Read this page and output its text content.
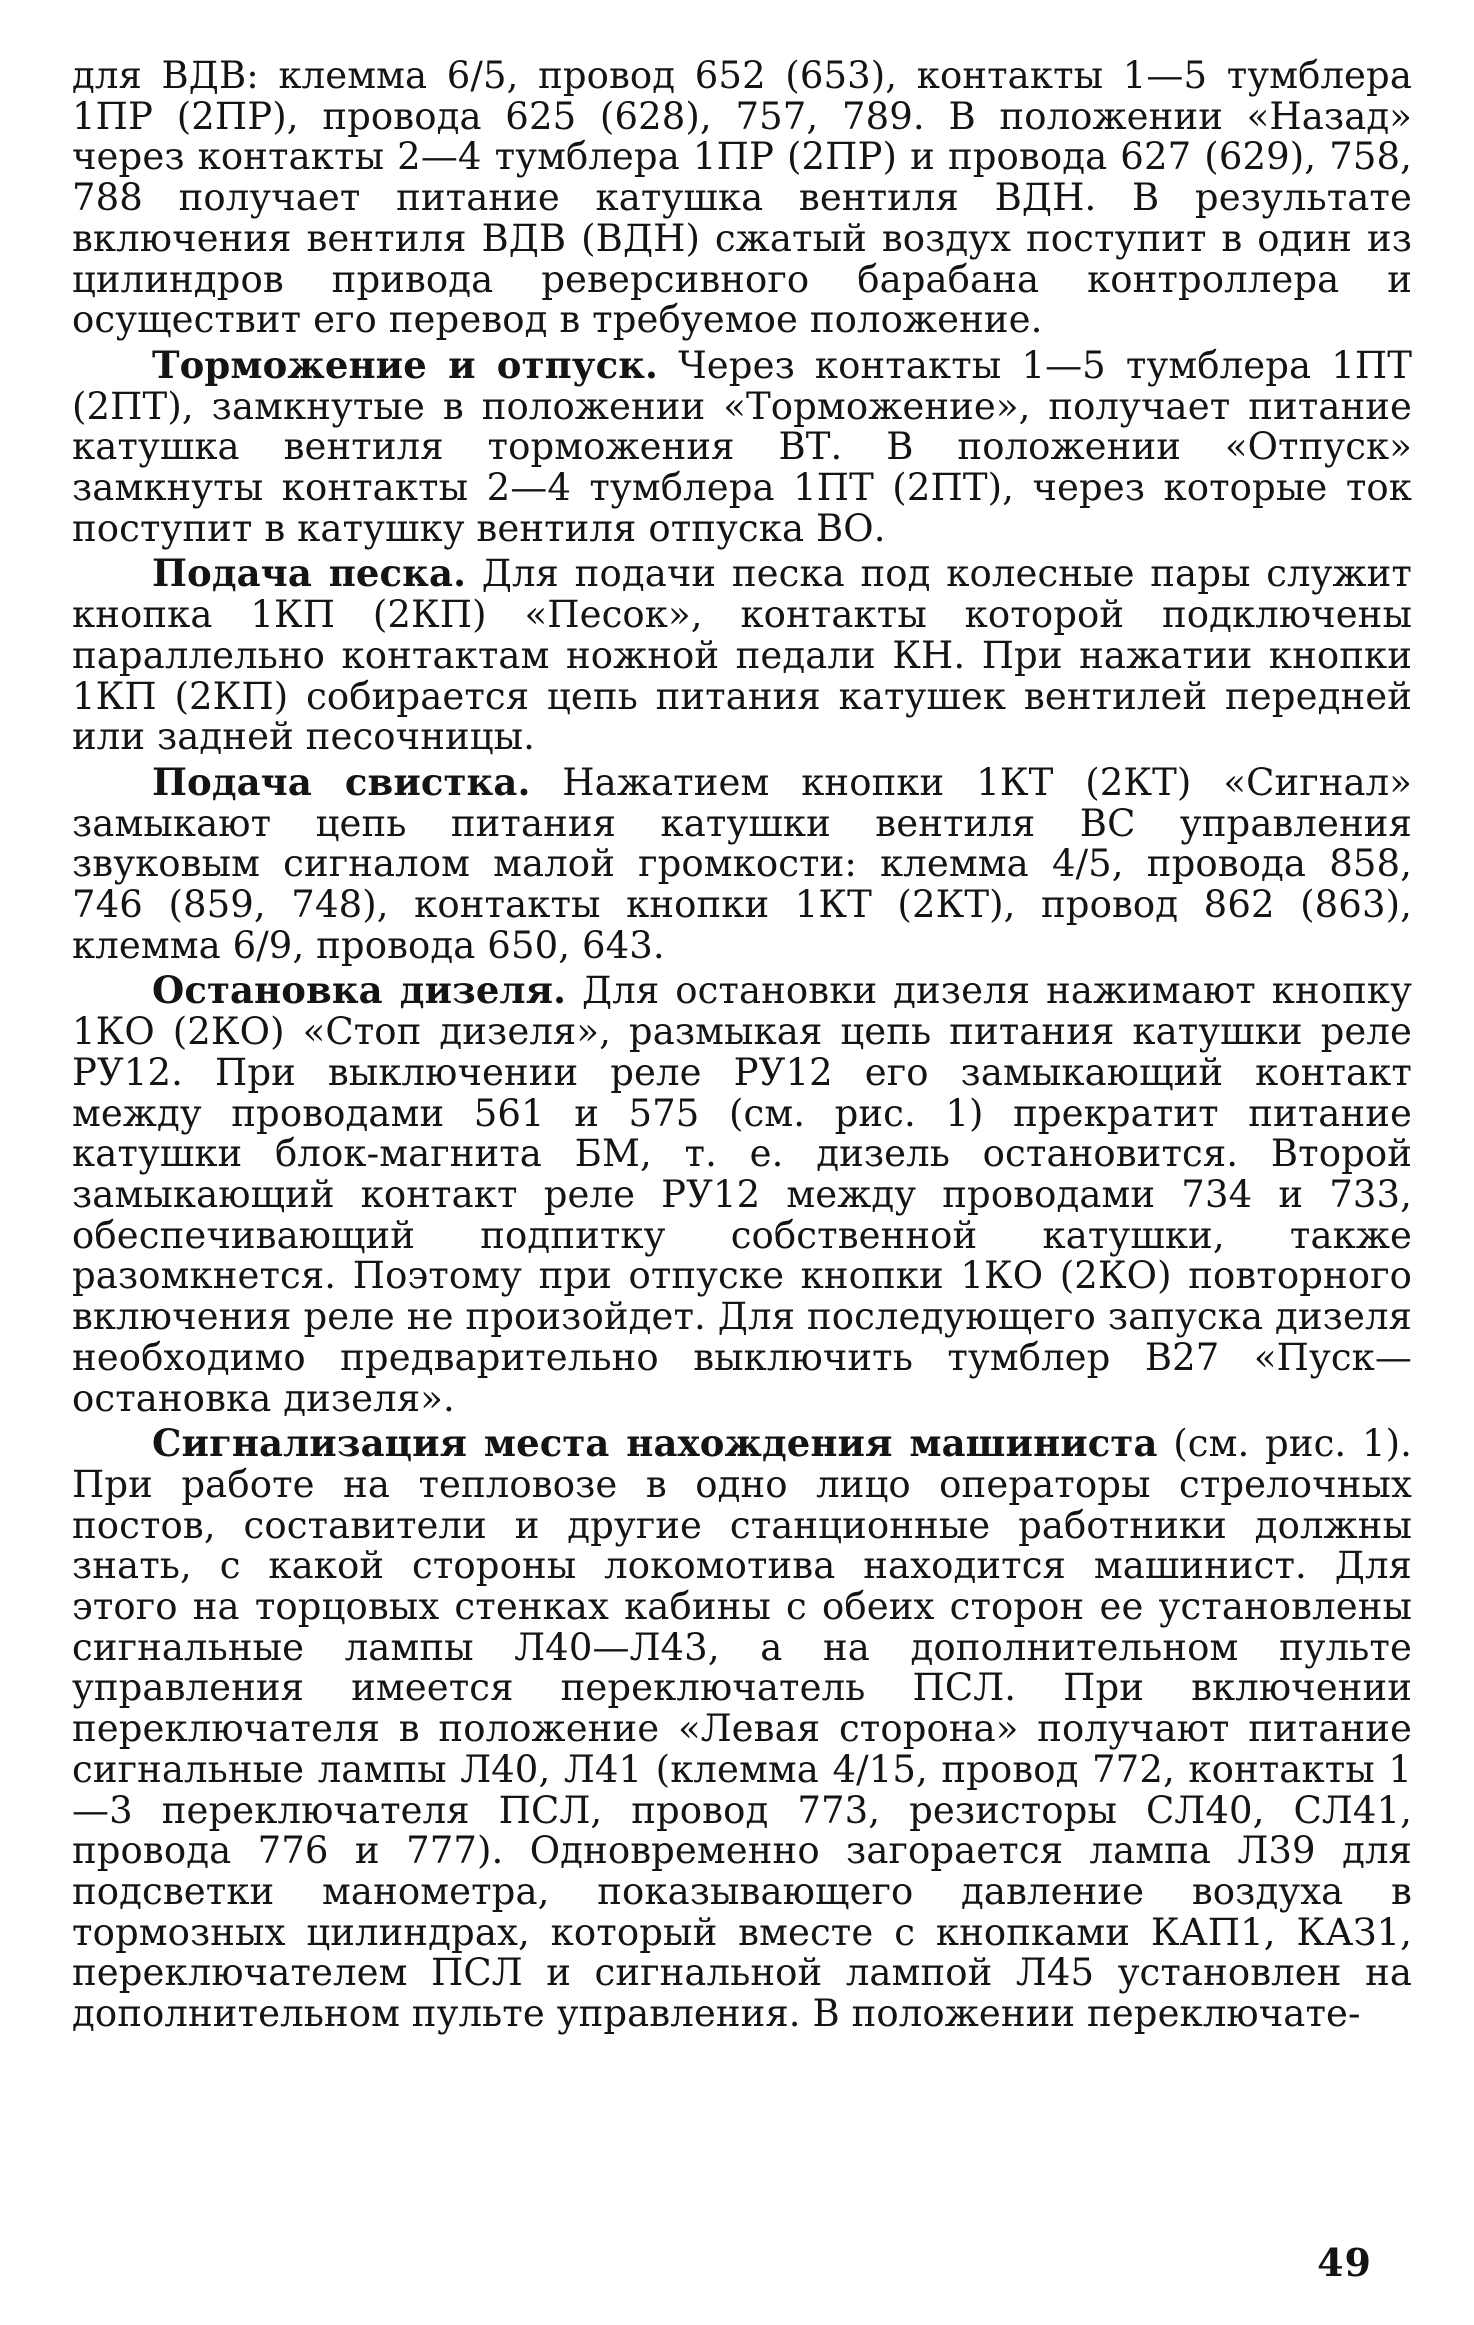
для ВДВ: клемма 6/5, провод 652 (653), контакты 1—5 тумблера 1ПР (2ПР), провода 625 (628), 757, 789. В положении «Назад» через контакты 2—4 тумблера 1ПР (2ПР) и провода 627 (629), 758, 788 получает питание катушка вентиля ВДН. В результате включения вентиля ВДВ (ВДН) сжатый воздух поступит в один из цилиндров привода реверсивного барабана контроллера и осуществит его перевод в требуемое положение.

Торможение и отпуск. Через контакты 1—5 тумблера 1ПТ (2ПТ), замкнутые в положении «Торможение», получает питание катушка вентиля торможения ВТ. В положении «Отпуск» замкнуты контакты 2—4 тумблера 1ПТ (2ПТ), через которые ток поступит в катушку вентиля отпуска ВО.

Подача песка. Для подачи песка под колесные пары служит кнопка 1КП (2КП) «Песок», контакты которой подключены параллельно контактам ножной педали КН. При нажатии кнопки 1КП (2КП) собирается цепь питания катушек вентилей передней или задней песочницы.

Подача свистка. Нажатием кнопки 1КТ (2КТ) «Сигнал» замыкают цепь питания катушки вентиля ВС управления звуковым сигналом малой громкости: клемма 4/5, провода 858, 746 (859, 748), контакты кнопки 1КТ (2КТ), провод 862 (863), клемма 6/9, провода 650, 643.

Остановка дизеля. Для остановки дизеля нажимают кнопку 1КО (2КО) «Стоп дизеля», размыкая цепь питания катушки реле РУ12. При выключении реле РУ12 его замыкающий контакт между проводами 561 и 575 (см. рис. 1) прекратит питание катушки блок-магнита БМ, т. е. дизель остановится. Второй замыкающий контакт реле РУ12 между проводами 734 и 733, обеспечивающий подпитку собственной катушки, также разомкнется. Поэтому при отпуске кнопки 1КО (2КО) повторного включения реле не произойдет. Для последующего запуска дизеля необходимо предварительно выключить тумблер В27 «Пуск—остановка дизеля».

Сигнализация места нахождения машиниста (см. рис. 1). При работе на тепловозе в одно лицо операторы стрелочных постов, составители и другие станционные работники должны знать, с какой стороны локомотива находится машинист. Для этого на торцовых стенках кабины с обеих сторон ее установлены сигнальные лампы Л40—Л43, а на дополнительном пульте управления имеется переключатель ПСЛ. При включении переключателя в положение «Левая сторона» получают питание сигнальные лампы Л40, Л41 (клемма 4/15, провод 772, контакты 1—3 переключателя ПСЛ, провод 773, резисторы СЛ40, СЛ41, провода 776 и 777). Одновременно загорается лампа Л39 для подсветки манометра, показывающего давление воздуха в тормозных цилиндрах, который вместе с кнопками КАП1, КАЗ1, переключателем ПСЛ и сигнальной лампой Л45 установлен на дополнительном пульте управления. В положении переключате-

49
